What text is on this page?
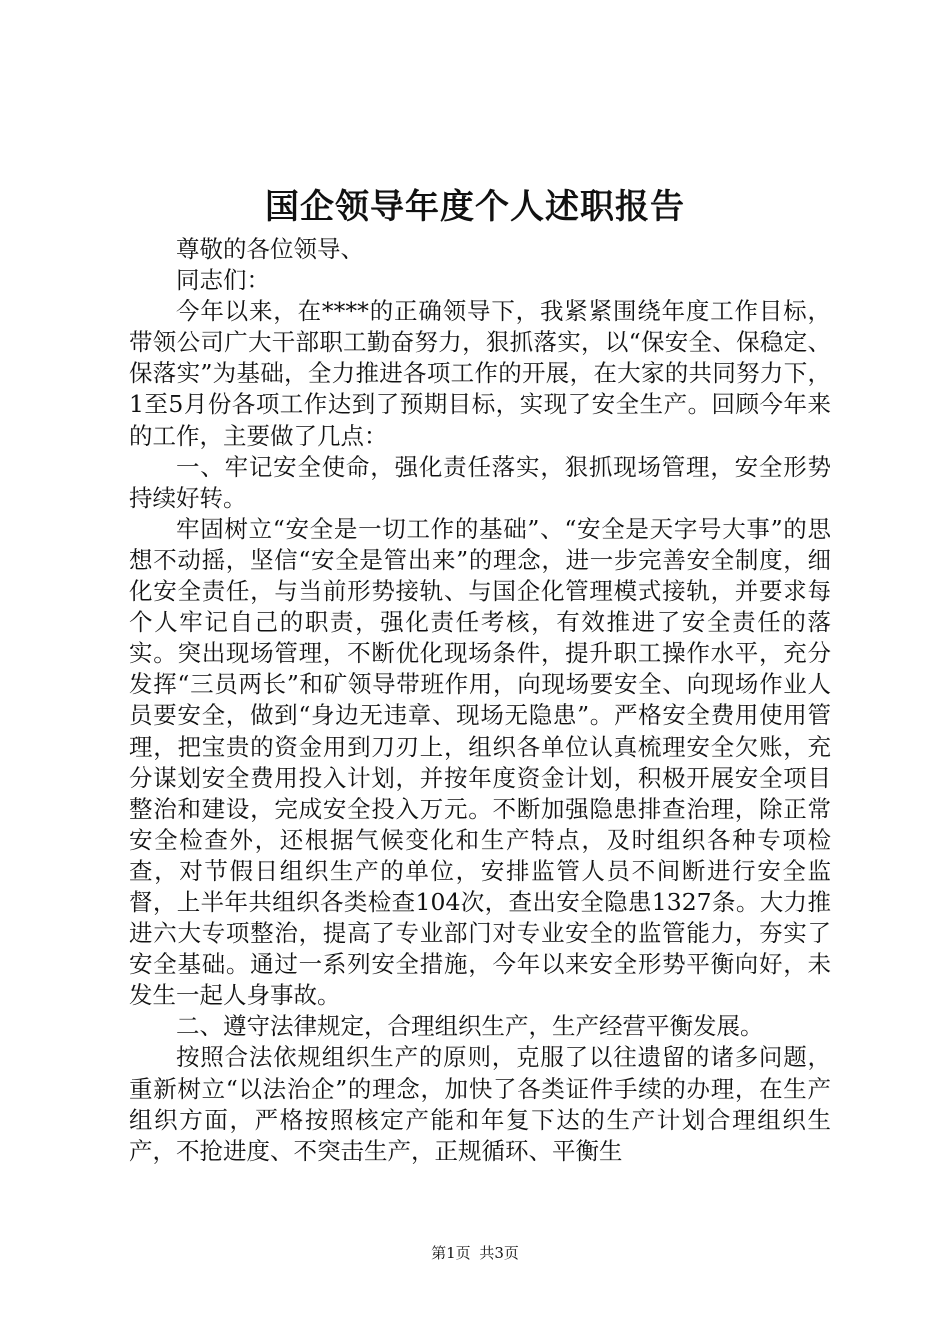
国企领导年度个人述职报告

尊敬的各位领导、

同志们：

今年以来，在****的正确领导下，我紧紧围绕年度工作目标，带领公司广大干部职工勤奋努力，狠抓落实，以“保安全、保稳定、保落实”为基础，全力推进各项工作的开展，在大家的共同努力下，1至5月份各项工作达到了预期目标，实现了安全生产。回顾今年来的工作，主要做了几点：

一、牢记安全使命，强化责任落实，狠抓现场管理，安全形势持续好转。

牢固树立“安全是一切工作的基础”、“安全是天字号大事”的思想不动摇，坚信“安全是管出来”的理念，进一步完善安全制度，细化安全责任，与当前形势接轨、与国企化管理模式接轨，并要求每个人牢记自己的职责，强化责任考核，有效推进了安全责任的落实。突出现场管理，不断优化现场条件，提升职工操作水平，充分发挥“三员两长”和矿领导带班作用，向现场要安全、向现场作业人员要安全，做到“身边无违章、现场无隐患”。严格安全费用使用管理，把宝贵的资金用到刀刃上，组织各单位认真梳理安全欠账，充分谋划安全费用投入计划，并按年度资金计划，积极开展安全项目整治和建设，完成安全投入万元。不断加强隐患排查治理，除正常安全检查外，还根据气候变化和生产特点，及时组织各种专项检查，对节假日组织生产的单位，安排监管人员不间断进行安全监督，上半年共组织各类检查104次，查出安全隐患1327条。大力推进六大专项整治，提高了专业部门对专业安全的监管能力，夯实了安全基础。通过一系列安全措施，今年以来安全形势平衡向好，未发生一起人身事故。

二、遵守法律规定，合理组织生产，生产经营平衡发展。

按照合法依规组织生产的原则，克服了以往遗留的诸多问题，重新树立“以法治企”的理念，加快了各类证件手续的办理，在生产组织方面，严格按照核定产能和年复下达的生产计划合理组织生产，不抢进度、不突击生产，正规循环、平衡生

第1页 共3页
